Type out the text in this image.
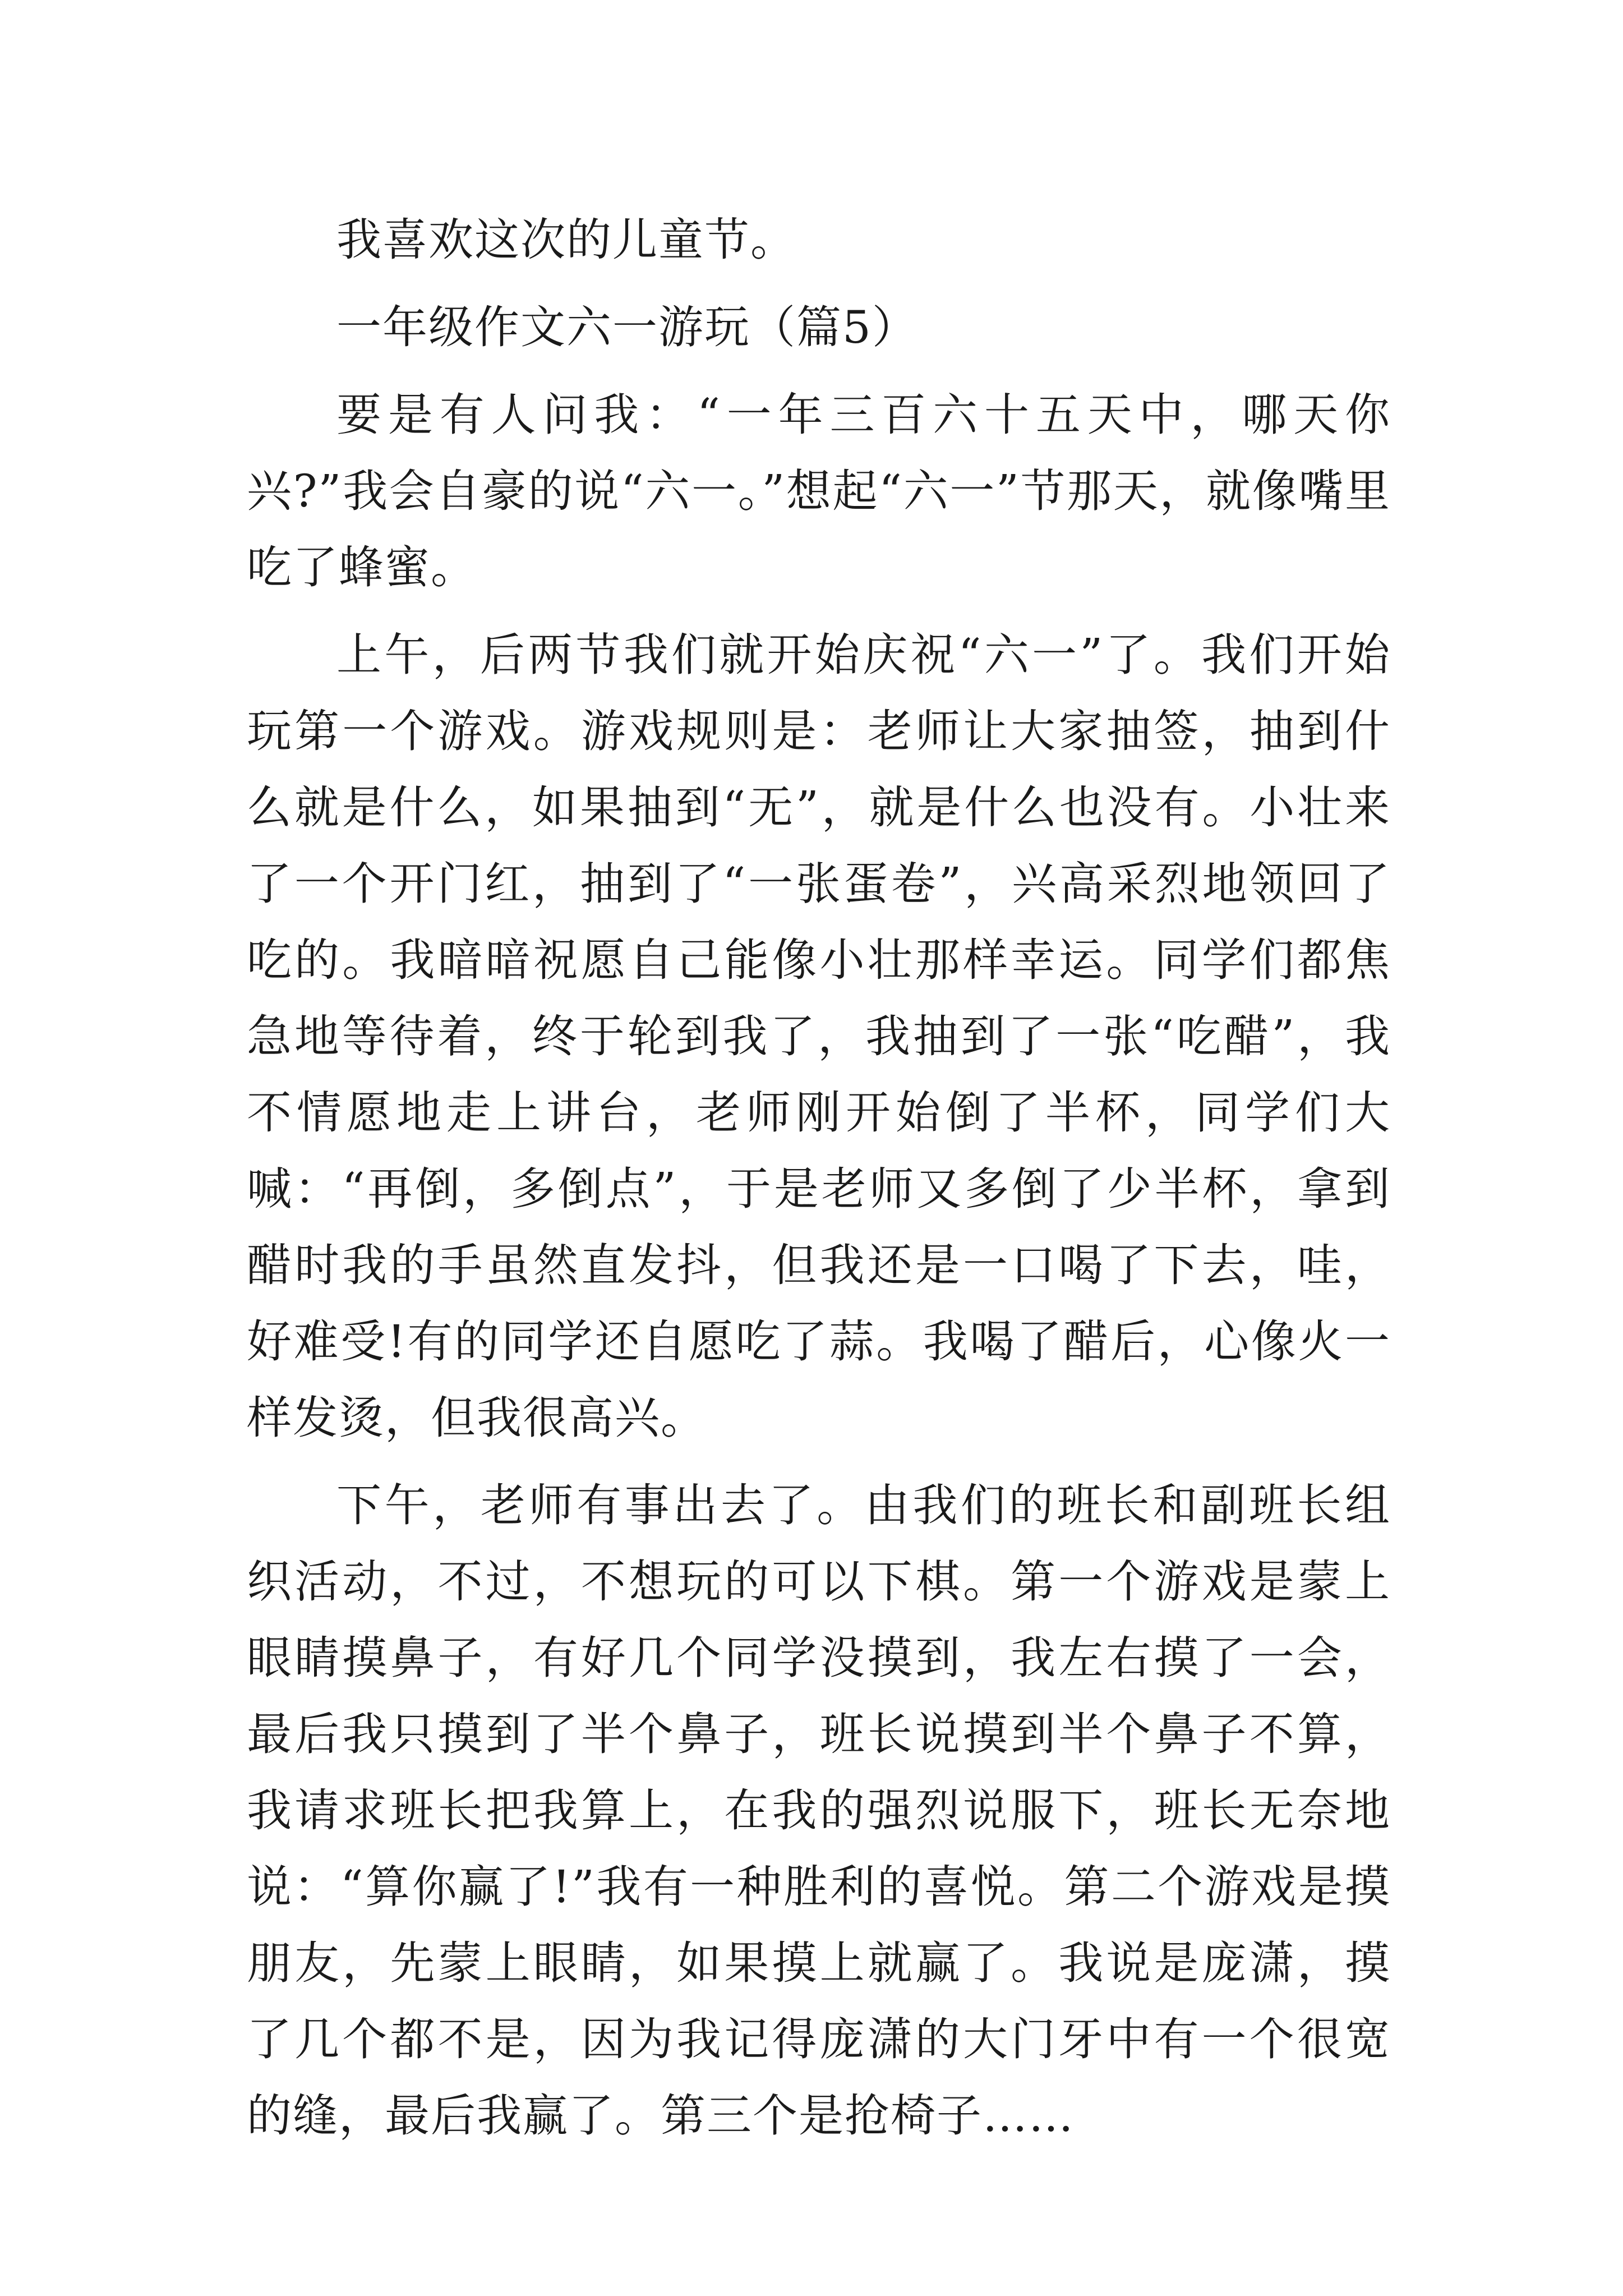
我喜欢这次的儿童节。

一年级作文六一游玩（篇5）

要是有人问我：“一年三百六十五天中，哪天你兴?”我会自豪的说“六一。”想起“六一”节那天，就像嘴里吃了蜂蜜。

上午，后两节我们就开始庆祝“六一”了。我们开始玩第一个游戏。游戏规则是：老师让大家抽签，抽到什么就是什么，如果抽到“无”，就是什么也没有。小壮来了一个开门红，抽到了“一张蛋卷”，兴高采烈地领回了吃的。我暗暗祝愿自己能像小壮那样幸运。同学们都焦急地等待着，终于轮到我了，我抽到了一张“吃醋”，我不情愿地走上讲台，老师刚开始倒了半杯，同学们大喊：“再倒，多倒点”，于是老师又多倒了少半杯，拿到醋时我的手虽然直发抖，但我还是一口喝了下去，哇，好难受!有的同学还自愿吃了蒜。我喝了醋后，心像火一样发烫，但我很高兴。

下午，老师有事出去了。由我们的班长和副班长组织活动，不过，不想玩的可以下棋。第一个游戏是蒙上眼睛摸鼻子，有好几个同学没摸到，我左右摸了一会，最后我只摸到了半个鼻子，班长说摸到半个鼻子不算，我请求班长把我算上，在我的强烈说服下，班长无奈地说：“算你赢了!”我有一种胜利的喜悦。第二个游戏是摸朋友，先蒙上眼睛，如果摸上就赢了。我说是庞潇，摸了几个都不是，因为我记得庞潇的大门牙中有一个很宽的缝，最后我赢了。第三个是抢椅子……
